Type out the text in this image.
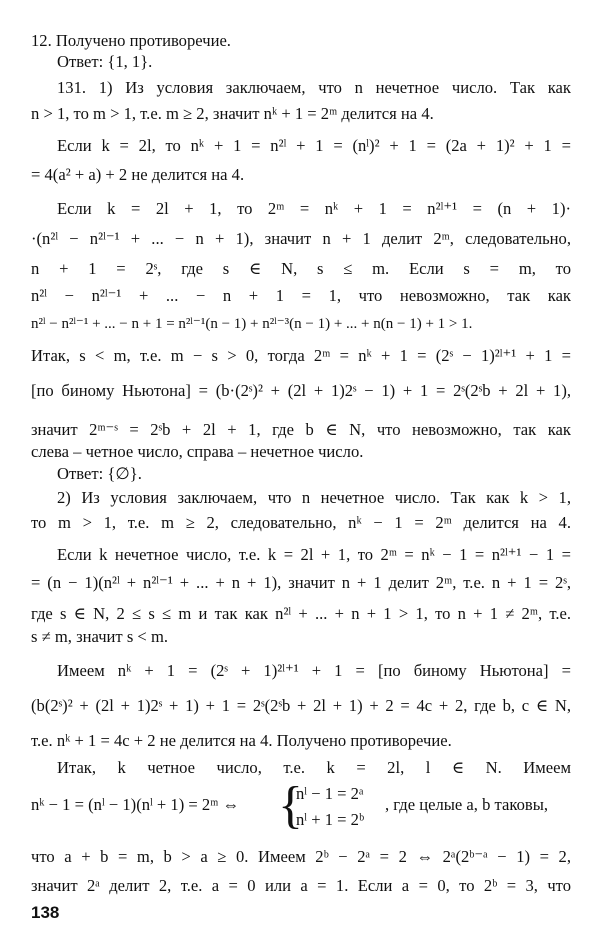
12. Получено противоречие.
Ответ: {1, 1}.
131. 1) Из условия заключаем, что n нечетное число. Так как
n > 1, то m > 1, т.е. m ≥ 2, значит nᵏ + 1 = 2ᵐ делится на 4.
Если k = 2l, то nᵏ + 1 = n²ˡ + 1 = (nˡ)² + 1 = (2a + 1)² + 1 =
= 4(a² + a) + 2 не делится на 4.
Если k = 2l + 1, то 2ᵐ = nᵏ + 1 = n²ˡ⁺¹ = (n + 1)·
·(n²ˡ − n²ˡ⁻¹ + ... − n + 1), значит n + 1 делит 2ᵐ, следовательно,
n + 1 = 2ˢ, где s ∈ N, s ≤ m. Если s = m, то
n²ˡ − n²ˡ⁻¹ + ... − n + 1 = 1, что невозможно, так как
n²ˡ − n²ˡ⁻¹ + ... − n + 1 = n²ˡ⁻¹(n − 1) + n²ˡ⁻³(n − 1) + ... + n(n − 1) + 1 > 1.
Итак, s < m, т.е. m − s > 0, тогда 2ᵐ = nᵏ + 1 = (2ˢ − 1)²ˡ⁺¹ + 1 =
[по биному Ньютона] = (b·(2ˢ)² + (2l + 1)2ˢ − 1) + 1 = 2ˢ(2ˢb + 2l + 1),
значит 2ᵐ⁻ˢ = 2ˢb + 2l + 1, где b ∈ N, что невозможно, так как
слева – четное число, справа – нечетное число.
Ответ: {∅}.
2) Из условия заключаем, что n нечетное число. Так как k > 1,
то m > 1, т.е. m ≥ 2, следовательно, nᵏ − 1 = 2ᵐ делится на 4.
Если k нечетное число, т.е. k = 2l + 1, то 2ᵐ = nᵏ − 1 = n²ˡ⁺¹ − 1 =
= (n − 1)(n²ˡ + n²ˡ⁻¹ + ... + n + 1), значит n + 1 делит 2ᵐ, т.е. n + 1 = 2ˢ,
где s ∈ N, 2 ≤ s ≤ m и так как n²ˡ + ... + n + 1 > 1, то n + 1 ≠ 2ᵐ, т.е.
s ≠ m, значит s < m.
Имеем nᵏ + 1 = (2ˢ + 1)²ˡ⁺¹ + 1 = [по биному Ньютона] =
(b(2ˢ)² + (2l + 1)2ˢ + 1) + 1 = 2ˢ(2ˢb + 2l + 1) + 2 = 4c + 2, где b, c ∈ N,
т.е. nᵏ + 1 = 4c + 2 не делится на 4. Получено противоречие.
Итак, k четное число, т.е. k = 2l, l ∈ N. Имеем
nᵏ − 1 = (nˡ − 1)(nˡ + 1) = 2ᵐ ⇔ {
nˡ − 1 = 2ᵃ
nˡ + 1 = 2ᵇ
, где целые a, b таковы,
что a + b = m, b > a ≥ 0. Имеем 2ᵇ − 2ᵃ = 2 ⇔ 2ᵃ(2ᵇ⁻ᵃ − 1) = 2,
значит 2ᵃ делит 2, т.е. a = 0 или a = 1. Если a = 0, то 2ᵇ = 3, что
138
